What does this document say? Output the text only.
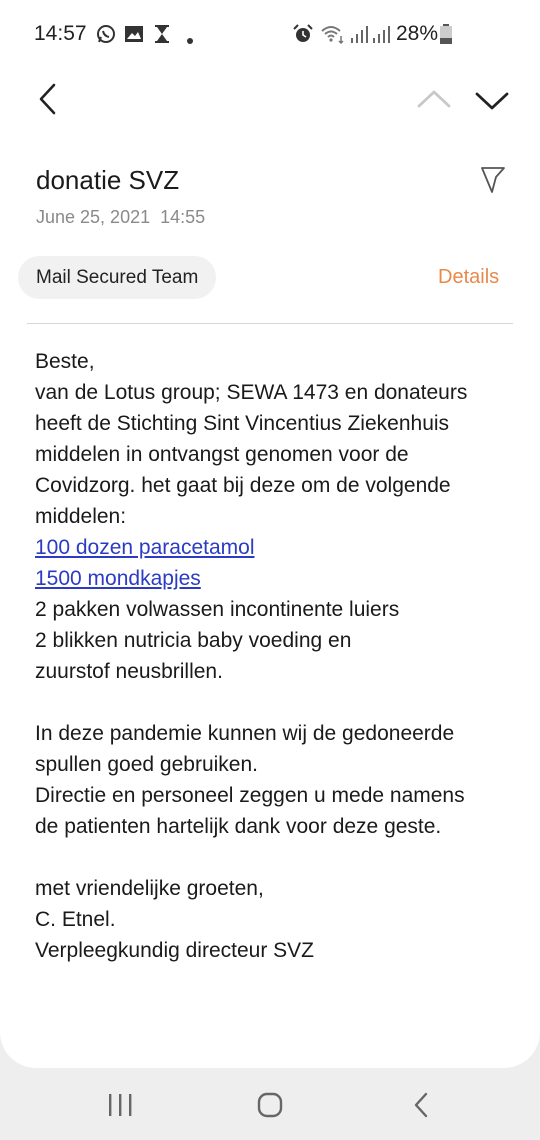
14:57	28%
donatie SVZ
June 25, 2021 14:55
Mail Secured Team	Details

Beste,

van de Lotus group; SEWA 1473 en donateurs

heeft de Stichting Sint Vincentius Ziekenhuis

middelen in ontvangst genomen voor de

Covidzorg. het gaat bij deze om de volgende

middelen:

100 dozen paracetamol

1500 mondkapjes

2 pakken volwassen incontinente luiers

2 blikken nutricia baby voeding en

zuurstof neusbrillen.

In deze pandemie kunnen wij de gedoneerde

spullen goed gebruiken.

Directie en personeel zeggen u mede namens

de patienten hartelijk dank voor deze geste.

met vriendelijke groeten,

C. Etnel.

Verpleegkundig directeur SVZ
